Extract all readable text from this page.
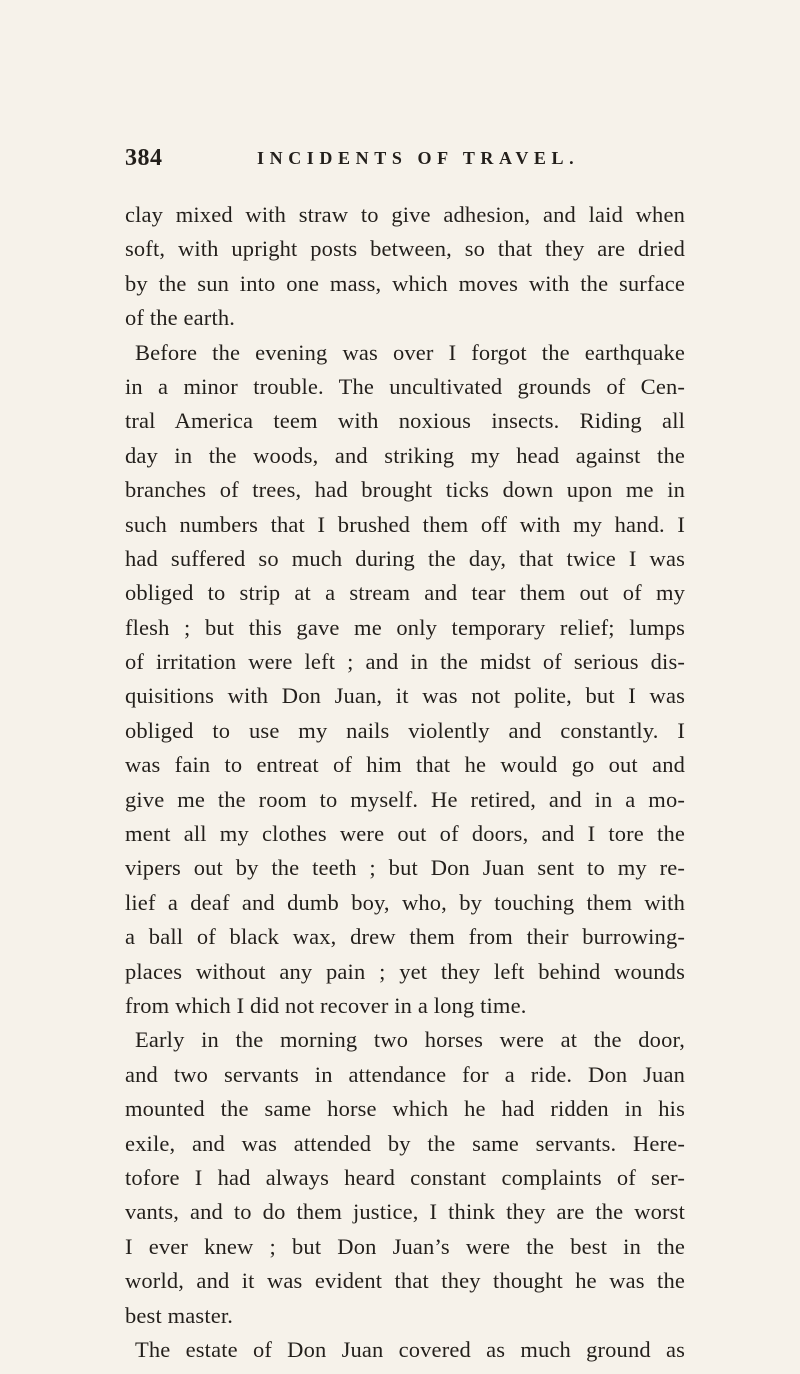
384	INCIDENTS OF TRAVEL.
clay mixed with straw to give adhesion, and laid when
soft, with upright posts between, so that they are dried
by the sun into one mass, which moves with the surface
of the earth.
Before the evening was over I forgot the earthquake
in a minor trouble. The uncultivated grounds of Cen-
tral America teem with noxious insects. Riding all
day in the woods, and striking my head against the
branches of trees, had brought ticks down upon me in
such numbers that I brushed them off with my hand. I
had suffered so much during the day, that twice I was
obliged to strip at a stream and tear them out of my
flesh ; but this gave me only temporary relief; lumps
of irritation were left ; and in the midst of serious dis-
quisitions with Don Juan, it was not polite, but I was
obliged to use my nails violently and constantly. I
was fain to entreat of him that he would go out and
give me the room to myself. He retired, and in a mo-
ment all my clothes were out of doors, and I tore the
vipers out by the teeth ; but Don Juan sent to my re-
lief a deaf and dumb boy, who, by touching them with
a ball of black wax, drew them from their burrowing-
places without any pain ; yet they left behind wounds
from which I did not recover in a long time.
Early in the morning two horses were at the door,
and two servants in attendance for a ride. Don Juan
mounted the same horse which he had ridden in his
exile, and was attended by the same servants. Here-
tofore I had always heard constant complaints of ser-
vants, and to do them justice, I think they are the worst
I ever knew ; but Don Juan’s were the best in the
world, and it was evident that they thought he was the
best master.
The estate of Don Juan covered as much ground as
